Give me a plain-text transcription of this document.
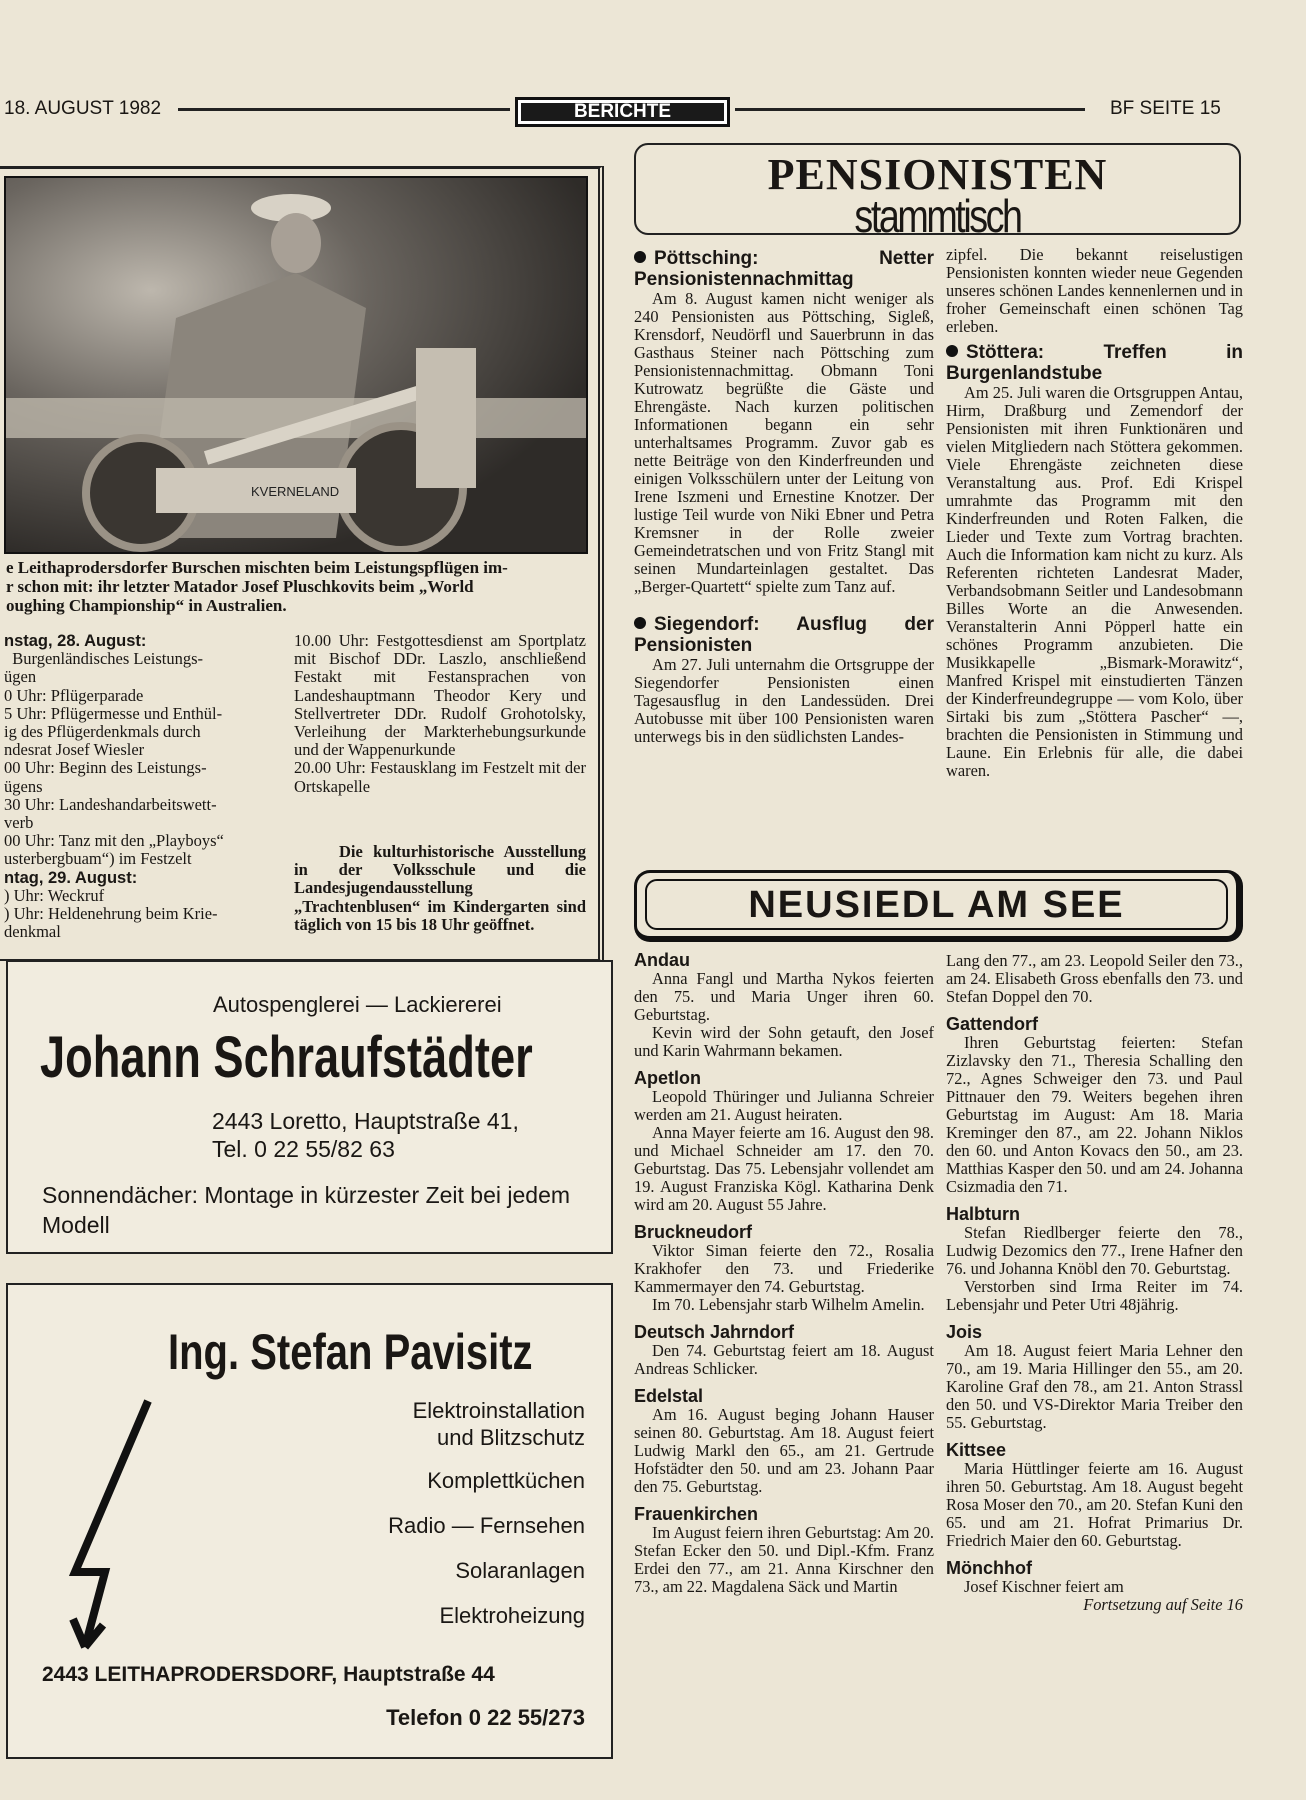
18. AUGUST 1982	BERICHTE	BF SEITE 15
KVERNELAND
e Leithaprodersdorfer Burschen mischten beim Leistungspflügen im-
r schon mit: ihr letzter Matador Josef Pluschkovits beim „World
oughing Championship“ in Australien.
nstag, 28. August:
Burgenländisches Leistungs-
ügen
0 Uhr: Pflügerparade
5 Uhr: Pflügermesse und Enthül-
ig des Pflügerdenkmals durch
ndesrat Josef Wiesler
00 Uhr: Beginn des Leistungs-
ügens
30 Uhr: Landeshandarbeitswett-
verb
00 Uhr: Tanz mit den „Playboys“
usterbergbuam“) im Festzelt
ntag, 29. August:
) Uhr: Weckruf
) Uhr: Heldenehrung beim Krie-
denkmal
10.00 Uhr: Festgottesdienst am Sportplatz mit Bischof DDr. Laszlo, anschließend Festakt mit Festansprachen von Landeshauptmann Theodor Kery und Stellvertreter DDr. Rudolf Grohotolsky, Verleihung der Markterhebungsurkunde und der Wappenurkunde
20.00 Uhr: Festausklang im Festzelt mit der Ortskapelle
Die kulturhistorische Ausstellung in der Volksschule und die Landesjugendausstellung „Trachtenblusen“ im Kindergarten sind täglich von 15 bis 18 Uhr geöffnet.
Autospenglerei — Lackiererei
Johann Schraufstädter
2443 Loretto, Hauptstraße 41,
Tel. 0 22 55/82 63
Sonnendächer: Montage in kürzester Zeit bei jedem Modell
Ing. Stefan Pavisitz
Elektroinstallation
und Blitzschutz
Komplettküchen
Radio — Fernsehen
Solaranlagen
Elektroheizung
2443 LEITHAPRODERSDORF, Hauptstraße 44
Telefon 0 22 55/273
PENSIONISTEN
stammtisch
Pöttsching: Netter Pensionistennachmittag

Am 8. August kamen nicht weniger als 240 Pensionisten aus Pöttsching, Sigleß, Krensdorf, Neudörfl und Sauerbrunn in das Gasthaus Steiner nach Pöttsching zum Pensionistennachmittag. Obmann Toni Kutrowatz begrüßte die Gäste und Ehrengäste. Nach kurzen politischen Informationen begann ein sehr unterhaltsames Programm. Zuvor gab es nette Beiträge von den Kinderfreunden und einigen Volksschülern unter der Leitung von Irene Iszmeni und Ernestine Knotzer. Der lustige Teil wurde von Niki Ebner und Petra Kremsner in der Rolle zweier Gemeindetratschen und von Fritz Stangl mit seinen Mundarteinlagen gestaltet. Das „Berger-Quartett“ spielte zum Tanz auf.

Siegendorf: Ausflug der Pensionisten

Am 27. Juli unternahm die Ortsgruppe der Siegendorfer Pensionisten einen Tagesausflug in den Landessüden. Drei Autobusse mit über 100 Pensionisten waren unterwegs bis in den südlichsten Landes-

zipfel. Die bekannt reiselustigen Pensionisten konnten wieder neue Gegenden unseres schönen Landes kennenlernen und in froher Gemeinschaft einen schönen Tag erleben.

Stöttera: Treffen in Burgenlandstube

Am 25. Juli waren die Ortsgruppen Antau, Hirm, Draßburg und Zemendorf der Pensionisten mit ihren Funktionären und vielen Mitgliedern nach Stöttera gekommen. Viele Ehrengäste zeichneten diese Veranstaltung aus. Prof. Edi Krispel umrahmte das Programm mit den Kinderfreunden und Roten Falken, die Lieder und Texte zum Vortrag brachten. Auch die Information kam nicht zu kurz. Als Referenten richteten Landesrat Mader, Verbandsobmann Seitler und Landesobmann Billes Worte an die Anwesenden. Veranstalterin Anni Pöpperl hatte ein schönes Programm anzubieten. Die Musikkapelle „Bismark-Morawitz“, Manfred Krispel mit einstudierten Tänzen der Kinderfreundegruppe — vom Kolo, über Sirtaki bis zum „Stöttera Pascher“ —, brachten die Pensionisten in Stimmung und Laune. Ein Erlebnis für alle, die dabei waren.

NEUSIEDL AM SEE
Andau

Anna Fangl und Martha Nykos feierten den 75. und Maria Unger ihren 60. Geburtstag.

Kevin wird der Sohn getauft, den Josef und Karin Wahrmann bekamen.

Apetlon

Leopold Thüringer und Julianna Schreier werden am 21. August heiraten.

Anna Mayer feierte am 16. August den 98. und Michael Schneider am 17. den 70. Geburtstag. Das 75. Lebensjahr vollendet am 19. August Franziska Kögl. Katharina Denk wird am 20. August 55 Jahre.

Bruckneudorf

Viktor Siman feierte den 72., Rosalia Krakhofer den 73. und Friederike Kammermayer den 74. Geburtstag.

Im 70. Lebensjahr starb Wilhelm Amelin.

Deutsch Jahrndorf

Den 74. Geburtstag feiert am 18. August Andreas Schlicker.

Edelstal

Am 16. August beging Johann Hauser seinen 80. Geburtstag. Am 18. August feiert Ludwig Markl den 65., am 21. Gertrude Hofstädter den 50. und am 23. Johann Paar den 75. Geburtstag.

Frauenkirchen

Im August feiern ihren Geburtstag: Am 20. Stefan Ecker den 50. und Dipl.-Kfm. Franz Erdei den 77., am 21. Anna Kirschner den 73., am 22. Magdalena Säck und Martin

Lang den 77., am 23. Leopold Seiler den 73., am 24. Elisabeth Gross ebenfalls den 73. und Stefan Doppel den 70.

Gattendorf

Ihren Geburtstag feierten: Stefan Zizlavsky den 71., Theresia Schalling den 72., Agnes Schweiger den 73. und Paul Pittnauer den 79. Weiters begehen ihren Geburtstag im August: Am 18. Maria Kreminger den 87., am 22. Johann Niklos den 60. und Anton Kovacs den 50., am 23. Matthias Kasper den 50. und am 24. Johanna Csizmadia den 71.

Halbturn

Stefan Riedlberger feierte den 78., Ludwig Dezomics den 77., Irene Hafner den 76. und Johanna Knöbl den 70. Geburtstag.

Verstorben sind Irma Reiter im 74. Lebensjahr und Peter Utri 48jährig.

Jois

Am 18. August feiert Maria Lehner den 70., am 19. Maria Hillinger den 55., am 20. Karoline Graf den 78., am 21. Anton Strassl den 50. und VS-Direktor Maria Treiber den 55. Geburtstag.

Kittsee

Maria Hüttlinger feierte am 16. August ihren 50. Geburtstag. Am 18. August begeht Rosa Moser den 70., am 20. Stefan Kuni den 65. und am 21. Hofrat Primarius Dr. Friedrich Maier den 60. Geburtstag.

Mönchhof

Josef Kischner feiert am

Fortsetzung auf Seite 16
